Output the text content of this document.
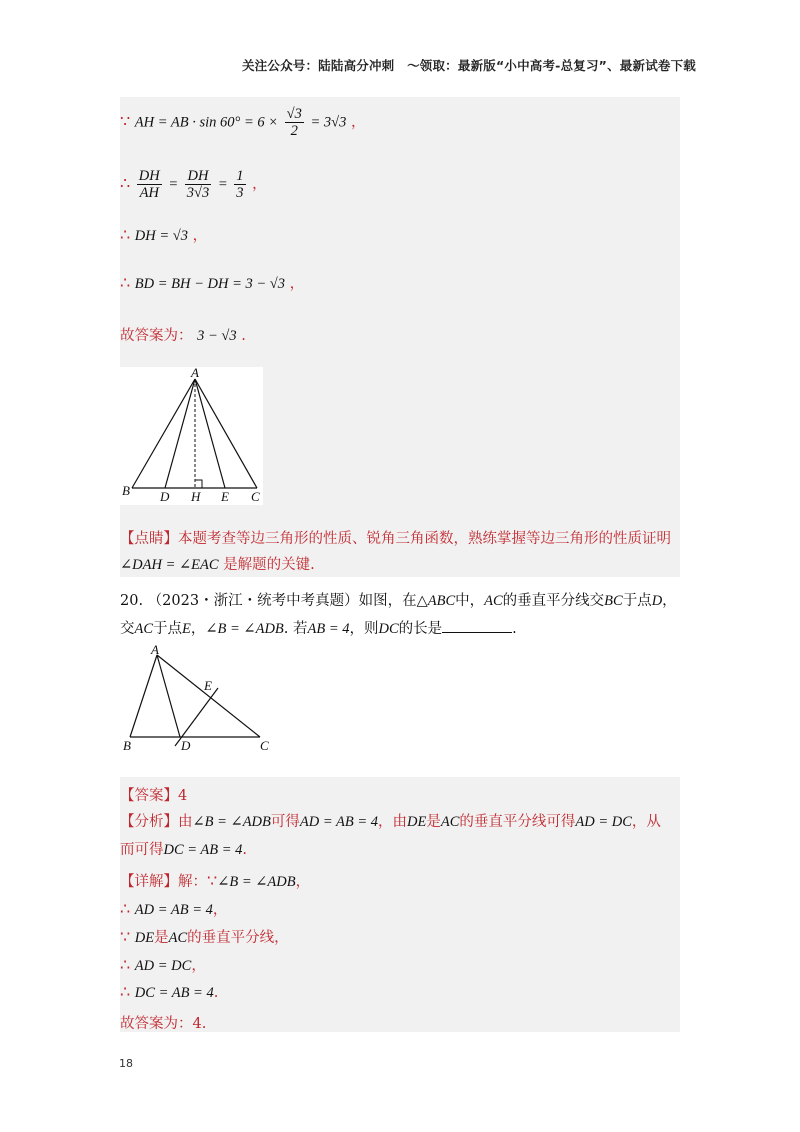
关注公众号：陆陆高分冲刺　～领取：最新版“小中高考-总复习”、最新试卷下载
∵ AH = AB · $\sin 60^\circ = 6 \times \frac{√3}{2} = 3√3$ ，
∴ $\frac{DH}{AH} = \frac{DH}{3√3} = \frac{1}{3}$ ，
∴ DH = √3 ，
∴ BD = BH − DH = 3 − √3 ，
故答案为： 3 − √3 .
A
B D H E C
【点睛】本题考查等边三角形的性质、锐角三角函数，熟练掌握等边三角形的性质证明
∠DAH = ∠EAC 是解题的关键.
20. （2023・浙江・统考中考真题）如图，在△ABC中，AC的垂直平分线交BC于点D，
交AC于点E，∠B = ∠ADB. 若AB = 4，则DC的长是	.
A
E
B	D	C
【答案】4
【分析】由∠B = ∠ADB可得AD = AB = 4，由DE是AC的垂直平分线可得AD = DC，从
而可得DC = AB = 4.
【详解】解：∵∠B = ∠ADB，
∴ AD = AB = 4，
∵ DE是AC的垂直平分线，
∴ AD = DC，
∴ DC = AB = 4.
故答案为：4.
18
